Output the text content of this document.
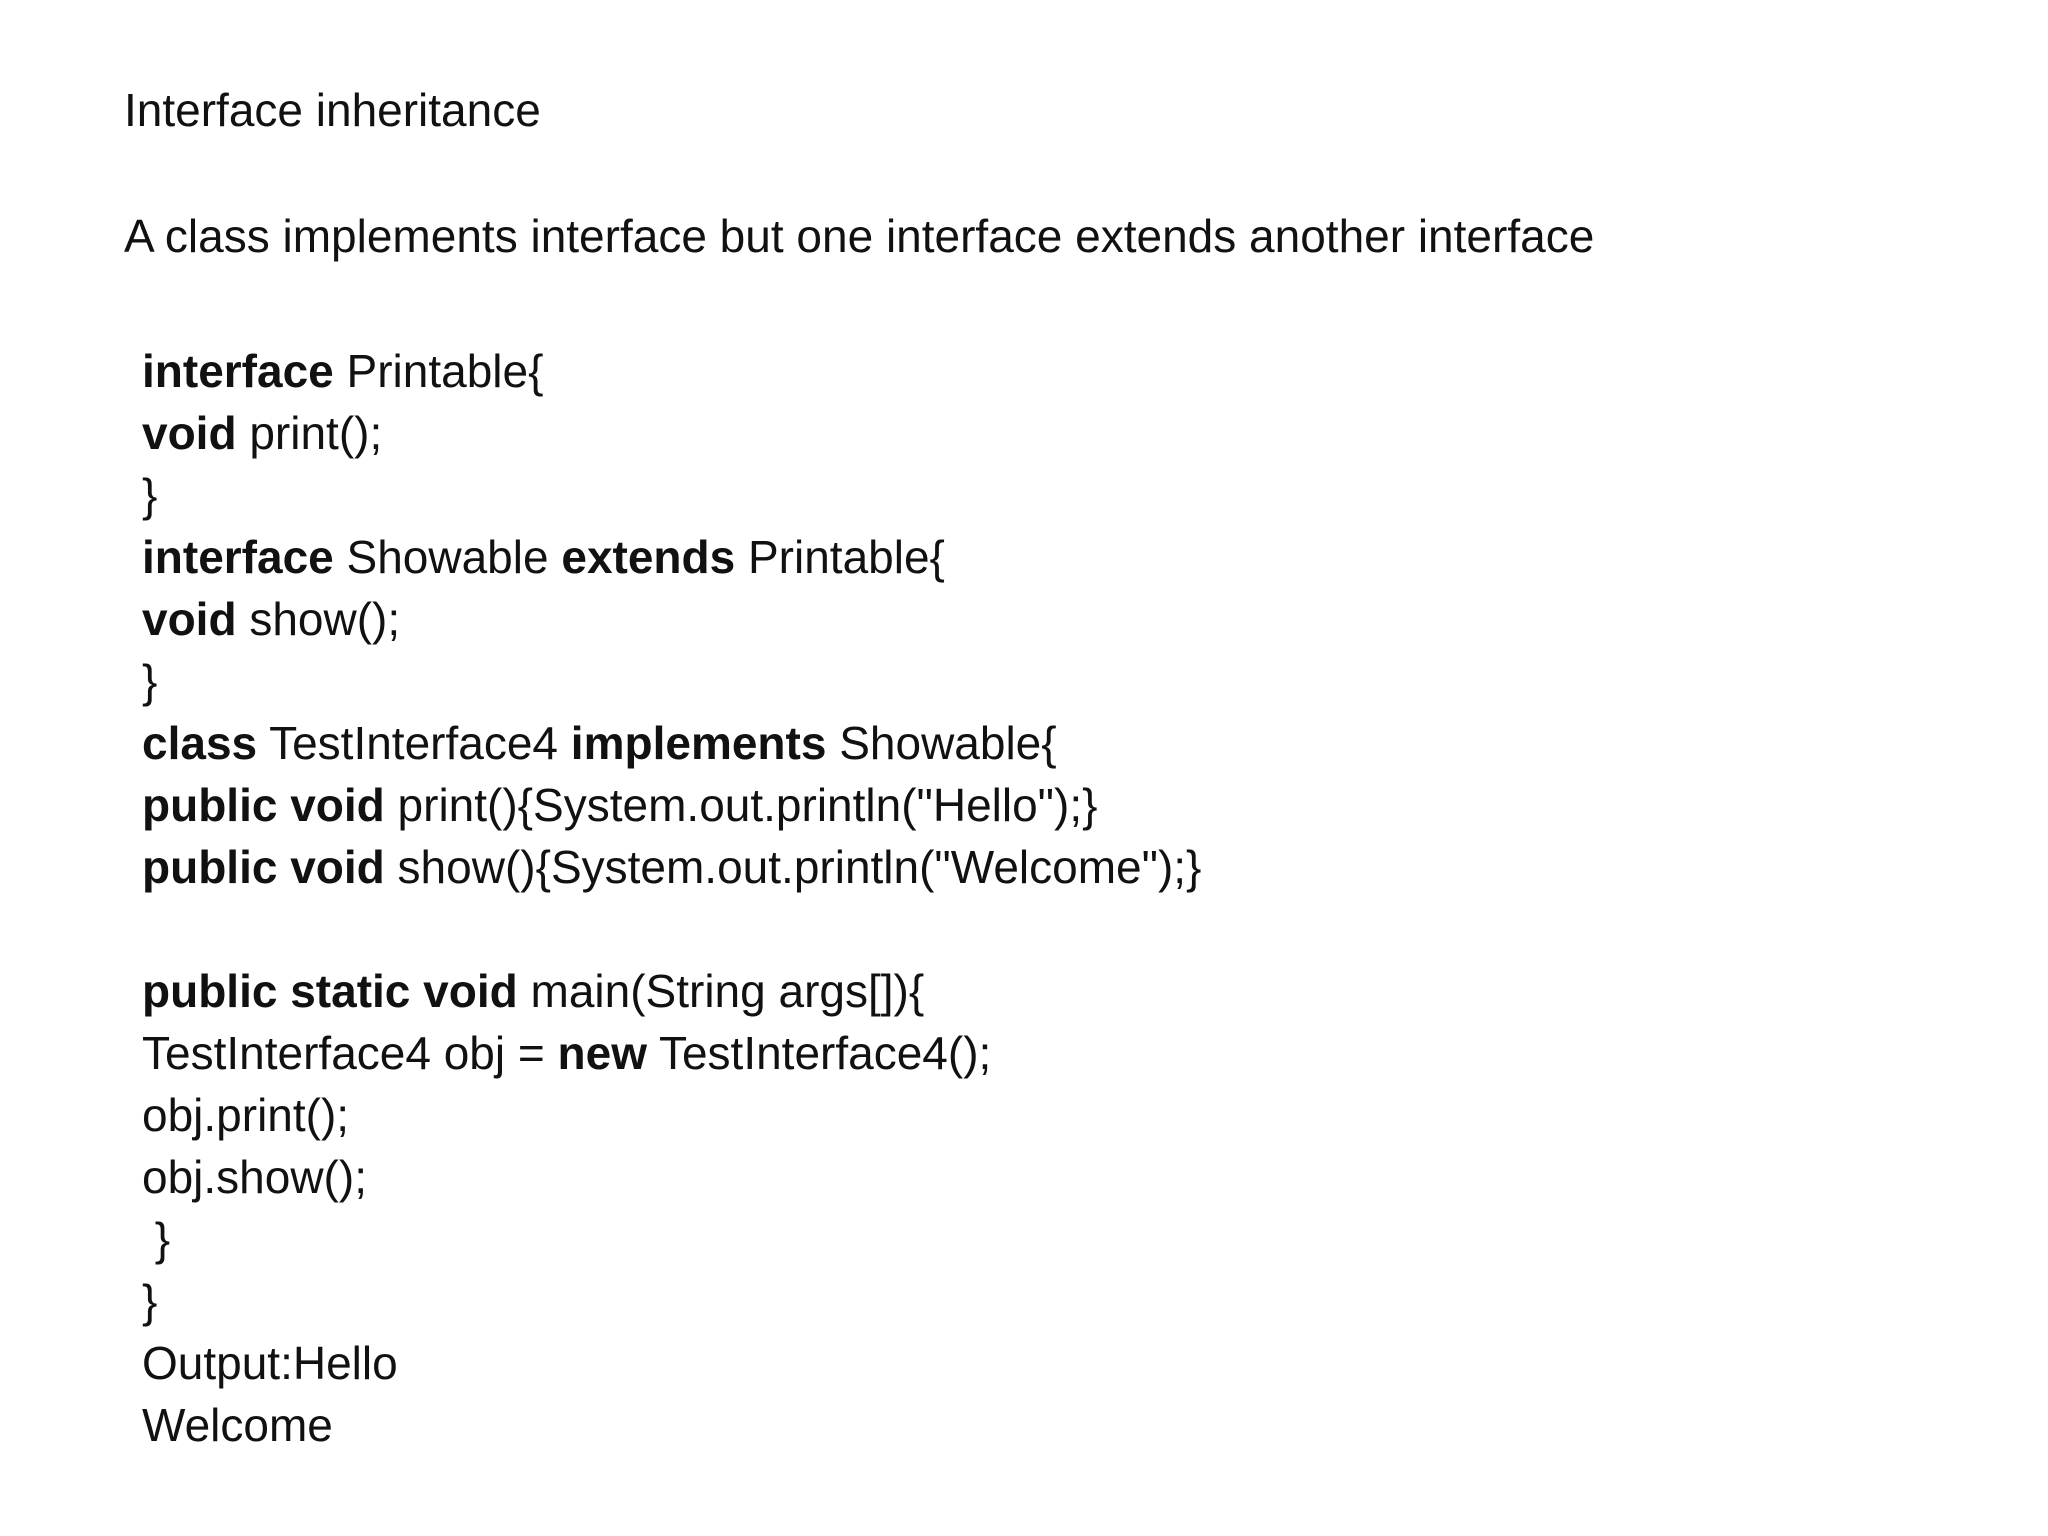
Interface inheritance
A class implements interface but one interface extends another interface
interface Printable{
void print();
}
interface Showable extends Printable{
void show();
}
class TestInterface4 implements Showable{
public void print(){System.out.println("Hello");}
public void show(){System.out.println("Welcome");}
public static void main(String args[]){
TestInterface4 obj = new TestInterface4();
obj.print();
obj.show();
}
}
Output:Hello
Welcome
